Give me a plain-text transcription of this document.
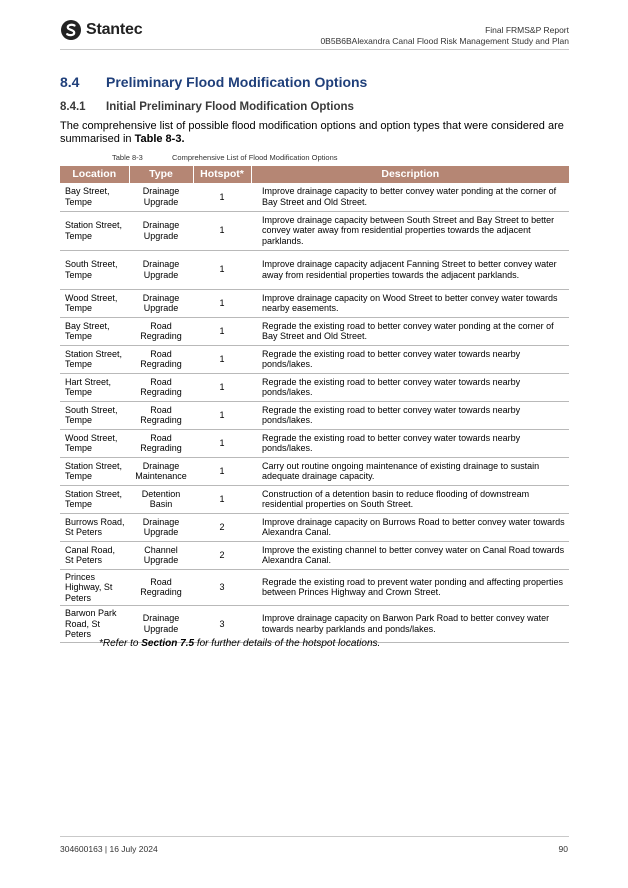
Stantec	Final FRMS&P Report
0B5B6BAlexandra Canal Flood Risk Management Study and Plan
8.4	Preliminary Flood Modification Options
8.4.1	Initial Preliminary Flood Modification Options
The comprehensive list of possible flood modification options and option types that were considered are summarised in Table 8-3.
Table 8-3	Comprehensive List of Flood Modification Options
Location	Type	Hotspot*	Description
Bay Street, Tempe	Drainage Upgrade	1	Improve drainage capacity to better convey water ponding at the corner of Bay Street and Old Street.
Station Street, Tempe	Drainage Upgrade	1	Improve drainage capacity between South Street and Bay Street to better convey water away from residential properties towards the adjacent parklands.
South Street, Tempe	Drainage Upgrade	1	Improve drainage capacity adjacent Fanning Street to better convey water away from residential properties towards the adjacent parklands.
Wood Street, Tempe	Drainage Upgrade	1	Improve drainage capacity on Wood Street to better convey water towards nearby easements.
Bay Street, Tempe	Road Regrading	1	Regrade the existing road to better convey water ponding at the corner of Bay Street and Old Street.
Station Street, Tempe	Road Regrading	1	Regrade the existing road to better convey water towards nearby ponds/lakes.
Hart Street, Tempe	Road Regrading	1	Regrade the existing road to better convey water towards nearby ponds/lakes.
South Street, Tempe	Road Regrading	1	Regrade the existing road to better convey water towards nearby ponds/lakes.
Wood Street, Tempe	Road Regrading	1	Regrade the existing road to better convey water towards nearby ponds/lakes.
Station Street, Tempe	Drainage Maintenance	1	Carry out routine ongoing maintenance of existing drainage to sustain adequate drainage capacity.
Station Street, Tempe	Detention Basin	1	Construction of a detention basin to reduce flooding of downstream residential properties on South Street.
Burrows Road, St Peters	Drainage Upgrade	2	Improve drainage capacity on Burrows Road to better convey water towards Alexandra Canal.
Canal Road, St Peters	Channel Upgrade	2	Improve the existing channel to better convey water on Canal Road towards Alexandra Canal.
Princes Highway, St Peters	Road Regrading	3	Regrade the existing road to prevent water ponding and affecting properties between Princes Highway and Crown Street.
Barwon Park Road, St Peters	Drainage Upgrade	3	Improve drainage capacity on Barwon Park Road to better convey water towards nearby parklands and ponds/lakes.
*Refer to Section 7.5 for further details of the hotspot locations.
304600163 | 16 July 2024	90
